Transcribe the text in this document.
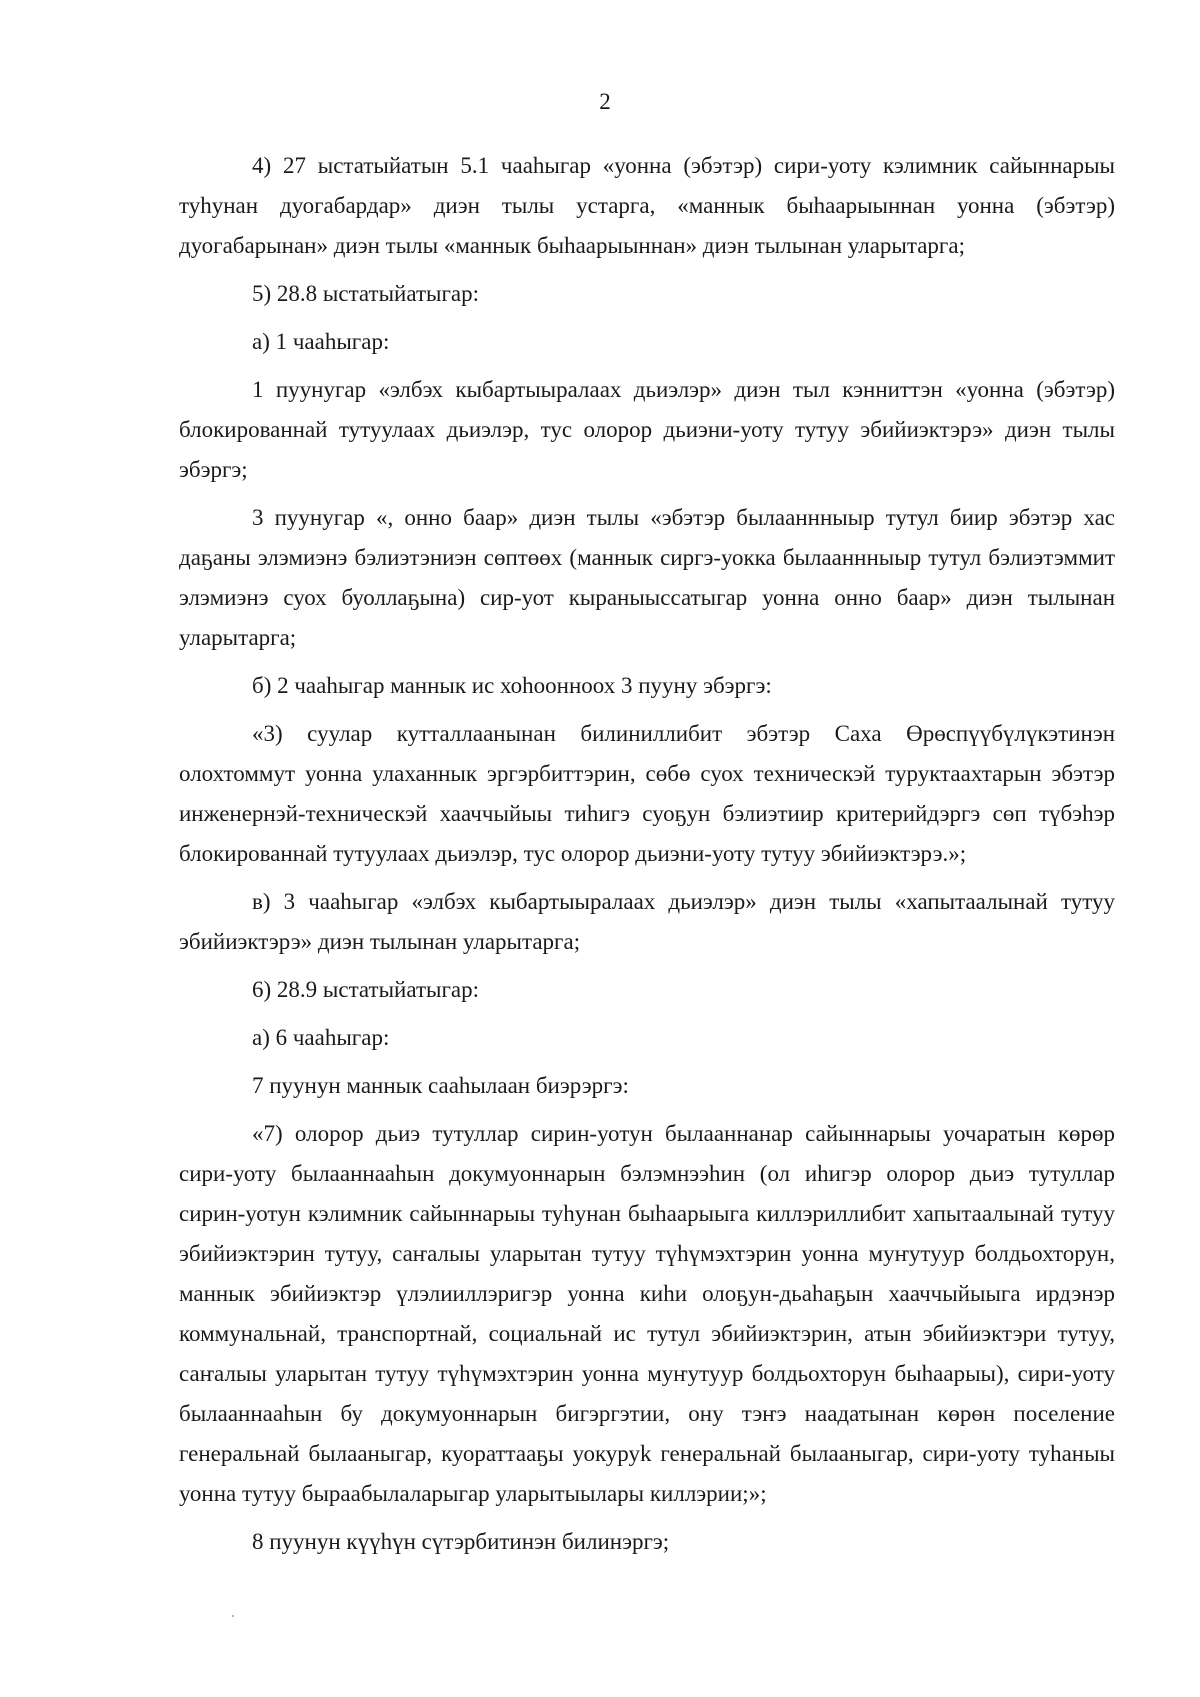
2

4) 27 ыстатыйатын 5.1 чааһыгар «уонна (эбэтэр) сири-уоту кэлимник сайыннарыы туһунан дуогабардар» диэн тылы устарга, «маннык быһаарыыннан уонна (эбэтэр) дуогабарынан» диэн тылы «маннык быһаарыыннан» диэн тылынан уларытарга;

5) 28.8 ыстатыйатыгар:

а) 1 чааһыгар:

1 пуунугар «элбэх кыбартыыралаах дьиэлэр» диэн тыл кэнниттэн «уонна (эбэтэр) блокированнай тутуулаах дьиэлэр, тус олорор дьиэни-уоту тутуу эбийиэктэрэ» диэн тылы эбэргэ;

3 пуунугар «, онно баар» диэн тылы «эбэтэр былааннныыр тутул биир эбэтэр хас даҕаны элэмиэнэ бэлиэтэниэн сөптөөх (маннык сиргэ-уокка былааннныыр тутул бэлиэтэммит элэмиэнэ суох буоллаҕына) сир-уот кыраныыссатыгар уонна онно баар» диэн тылынан уларытарга;

б) 2 чааһыгар маннык ис хоһоонноох 3 пууну эбэргэ:

«3) суулар кутталлаанынан билиниллибит эбэтэр Саха Өрөспүүбүлүкэтинэн олохтоммут уонна улаханнык эргэрбиттэрин, сөбө суох техническэй туруктаахтарын эбэтэр инженернэй-техническэй хааччыйыы тиһигэ суоҕун бэлиэтиир критерийдэргэ сөп түбэһэр блокированнай тутуулаах дьиэлэр, тус олорор дьиэни-уоту тутуу эбийиэктэрэ.»;

в) 3 чааһыгар «элбэх кыбартыыралаах дьиэлэр» диэн тылы «хапытаалынай тутуу эбийиэктэрэ» диэн тылынан уларытарга;

6) 28.9 ыстатыйатыгар:

а) 6 чааһыгар:

7 пуунун маннык сааһылаан биэрэргэ:

«7) олорор дьиэ тутуллар сирин-уотун былааннанар сайыннарыы уочаратын көрөр сири-уоту былааннааһын докумуоннарын бэлэмнээһин (ол иһигэр олорор дьиэ тутуллар сирин-уотун кэлимник сайыннарыы туһунан быһаарыыга киллэриллибит хапытаалынай тутуу эбийиэктэрин тутуу, саҥалыы уларытан тутуу түһүмэхтэрин уонна муҥутуур болдьохторун, маннык эбийиэктэр үлэлииллэригэр уонна киһи олоҕун-дьаһаҕын хааччыйыыга ирдэнэр коммунальнай, транспортнай, социальнай ис тутул эбийиэктэрин, атын эбийиэктэри тутуу, саҥалыы уларытан тутуу түһүмэхтэрин уонна муҥутуур болдьохторун быһаарыы), сири-уоту былааннааһын бу докумуоннарын бигэргэтии, ону тэҥэ наадатынан көрөн поселение генеральнай былааныгар, куораттааҕы уокуруk генеральнай былааныгар, сири-уоту туһаныы уонна тутуу быраабылаларыгар уларытыылары киллэрии;»;

8 пуунун күүһүн сүтэрбитинэн билинэргэ;
